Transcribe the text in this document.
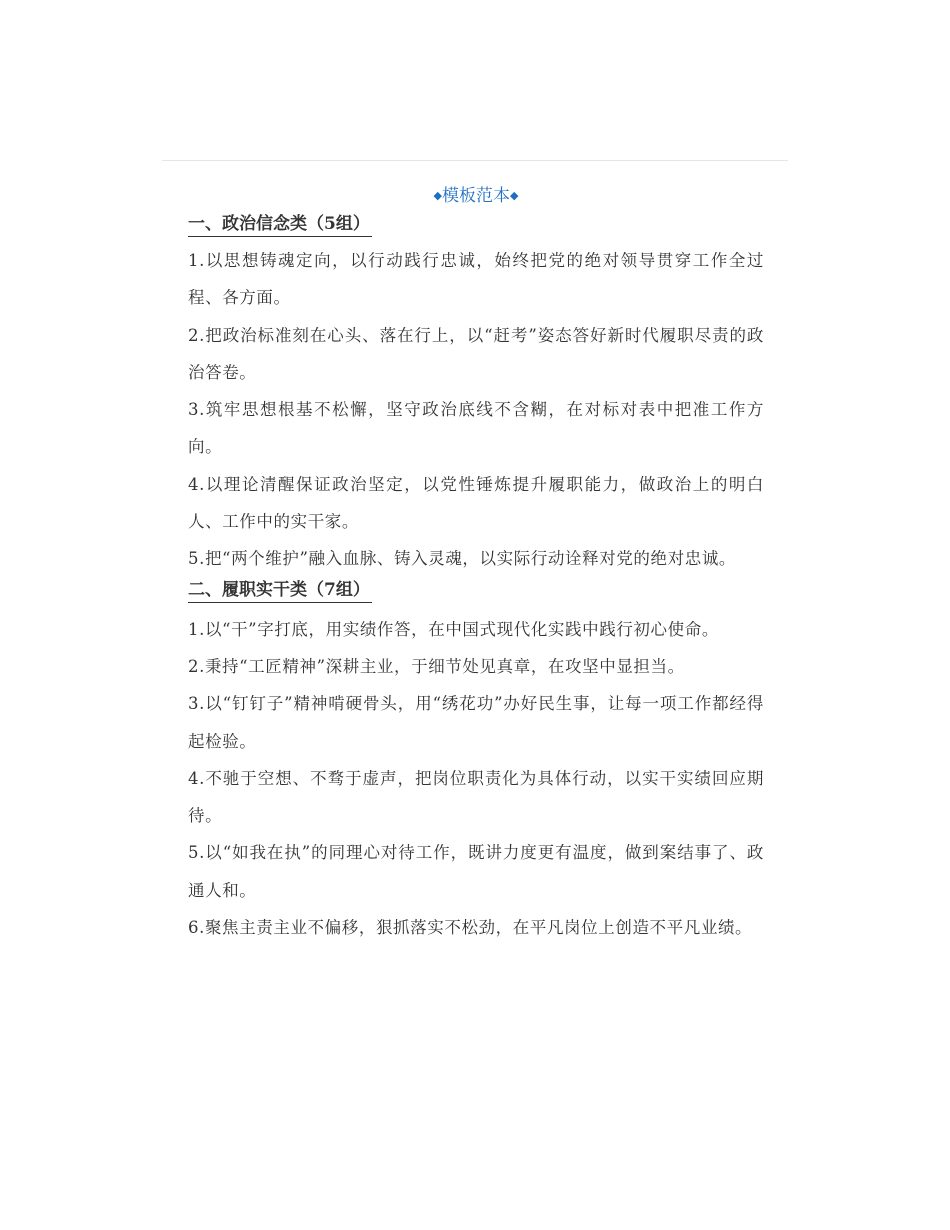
◆模板范本◆

一、政治信念类（5组）

1.以思想铸魂定向，以行动践行忠诚，始终把党的绝对领导贯穿工作全过程、各方面。

2.把政治标准刻在心头、落在行上，以“赶考”姿态答好新时代履职尽责的政治答卷。

3.筑牢思想根基不松懈，坚守政治底线不含糊，在对标对表中把准工作方向。

4.以理论清醒保证政治坚定，以党性锤炼提升履职能力，做政治上的明白人、工作中的实干家。

5.把“两个维护”融入血脉、铸入灵魂，以实际行动诠释对党的绝对忠诚。

二、履职实干类（7组）

1.以“干”字打底，用实绩作答，在中国式现代化实践中践行初心使命。

2.秉持“工匠精神”深耕主业，于细节处见真章，在攻坚中显担当。

3.以“钉钉子”精神啃硬骨头，用“绣花功”办好民生事，让每一项工作都经得起检验。

4.不驰于空想、不骛于虚声，把岗位职责化为具体行动，以实干实绩回应期待。

5.以“如我在执”的同理心对待工作，既讲力度更有温度，做到案结事了、政通人和。

6.聚焦主责主业不偏移，狠抓落实不松劲，在平凡岗位上创造不平凡业绩。
